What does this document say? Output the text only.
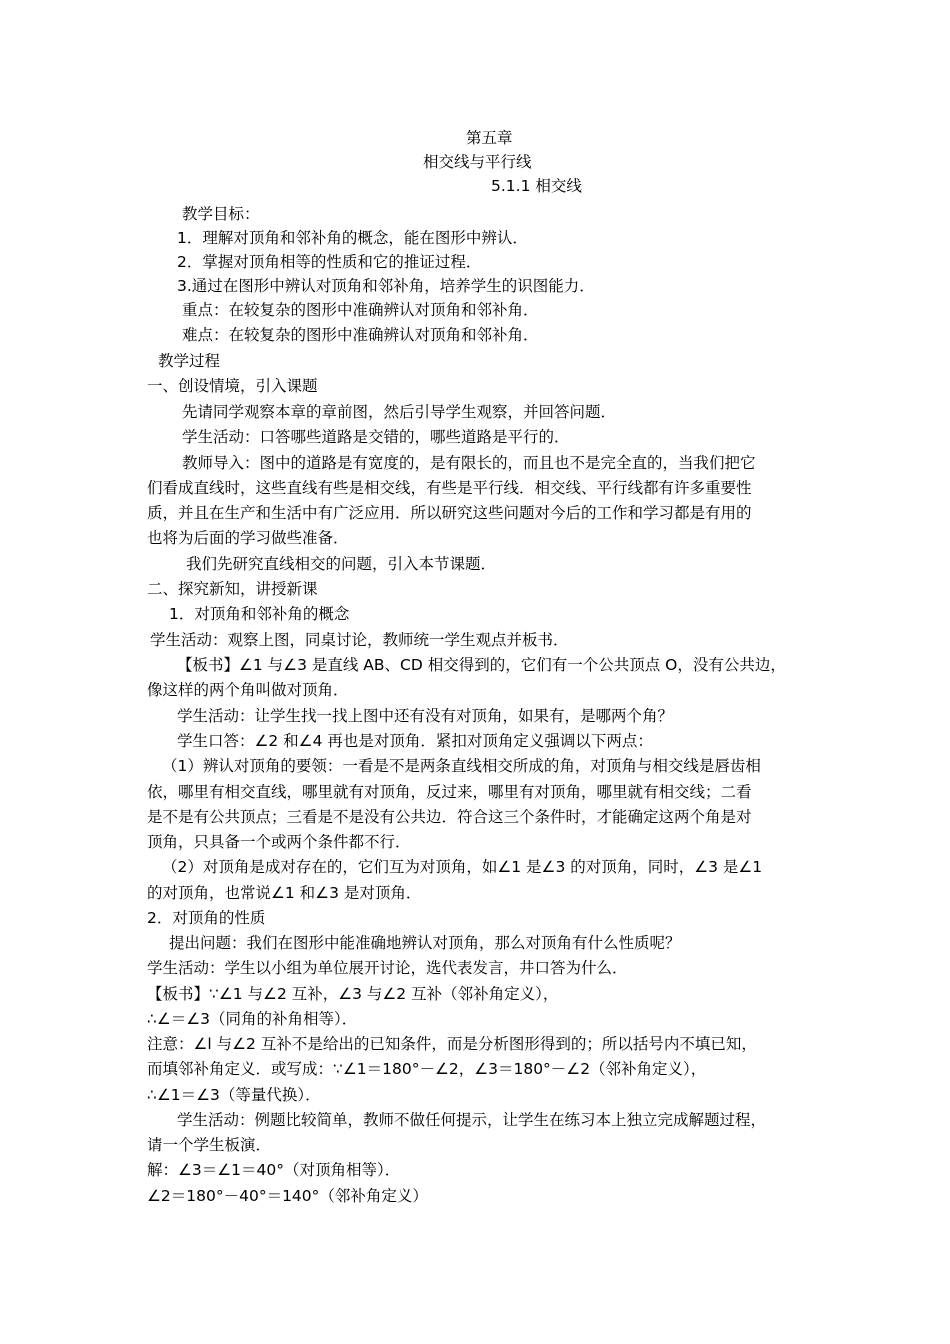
第五章
相交线与平行线
5.1.1 相交线
教学目标：
1．理解对顶角和邻补角的概念，能在图形中辨认．
2．掌握对顶角相等的性质和它的推证过程．
3.通过在图形中辨认对顶角和邻补角，培养学生的识图能力．
重点：在较复杂的图形中准确辨认对顶角和邻补角．
难点：在较复杂的图形中准确辨认对顶角和邻补角．
教学过程
一、创设情境，引入课题
先请同学观察本章的章前图，然后引导学生观察，并回答问题．
学生活动：口答哪些道路是交错的，哪些道路是平行的．
教师导入：图中的道路是有宽度的，是有限长的，而且也不是完全直的，当我们把它
们看成直线时，这些直线有些是相交线，有些是平行线．相交线、平行线都有许多重要性
质，并且在生产和生活中有广泛应用．所以研究这些问题对今后的工作和学习都是有用的
也将为后面的学习做些准备．
我们先研究直线相交的问题，引入本节课题．
二、探究新知，讲授新课
1．对顶角和邻补角的概念
学生活动：观察上图，同桌讨论，教师统一学生观点并板书．
【板书】∠1 与∠3 是直线 AB、CD 相交得到的，它们有一个公共顶点 O，没有公共边，
像这样的两个角叫做对顶角．
学生活动：让学生找一找上图中还有没有对顶角，如果有，是哪两个角？
学生口答：∠2 和∠4 再也是对顶角．紧扣对顶角定义强调以下两点：
（1）辨认对顶角的要领：一看是不是两条直线相交所成的角，对顶角与相交线是唇齿相
依，哪里有相交直线，哪里就有对顶角，反过来，哪里有对顶角，哪里就有相交线；二看
是不是有公共顶点；三看是不是没有公共边．符合这三个条件时，才能确定这两个角是对
顶角，只具备一个或两个条件都不行．
（2）对顶角是成对存在的，它们互为对顶角，如∠1 是∠3 的对顶角，同时，∠3 是∠1
的对顶角，也常说∠1 和∠3 是对顶角．
2．对顶角的性质
提出问题：我们在图形中能准确地辨认对顶角，那么对顶角有什么性质呢？
学生活动：学生以小组为单位展开讨论，选代表发言，井口答为什么．
【板书】∵∠1 与∠2 互补，∠3 与∠2 互补（邻补角定义），
∴∠＝∠3（同角的补角相等）．
注意：∠l 与∠2 互补不是给出的已知条件，而是分析图形得到的；所以括号内不填已知，
而填邻补角定义．或写成：∵∠1＝180°－∠2，∠3＝180°－∠2（邻补角定义），
∴∠1＝∠3（等量代换）．
学生活动：例题比较简单，教师不做任何提示，让学生在练习本上独立完成解题过程，
请一个学生板演．
解：∠3＝∠1＝40°（对顶角相等）．
∠2＝180°－40°＝140°（邻补角定义）
